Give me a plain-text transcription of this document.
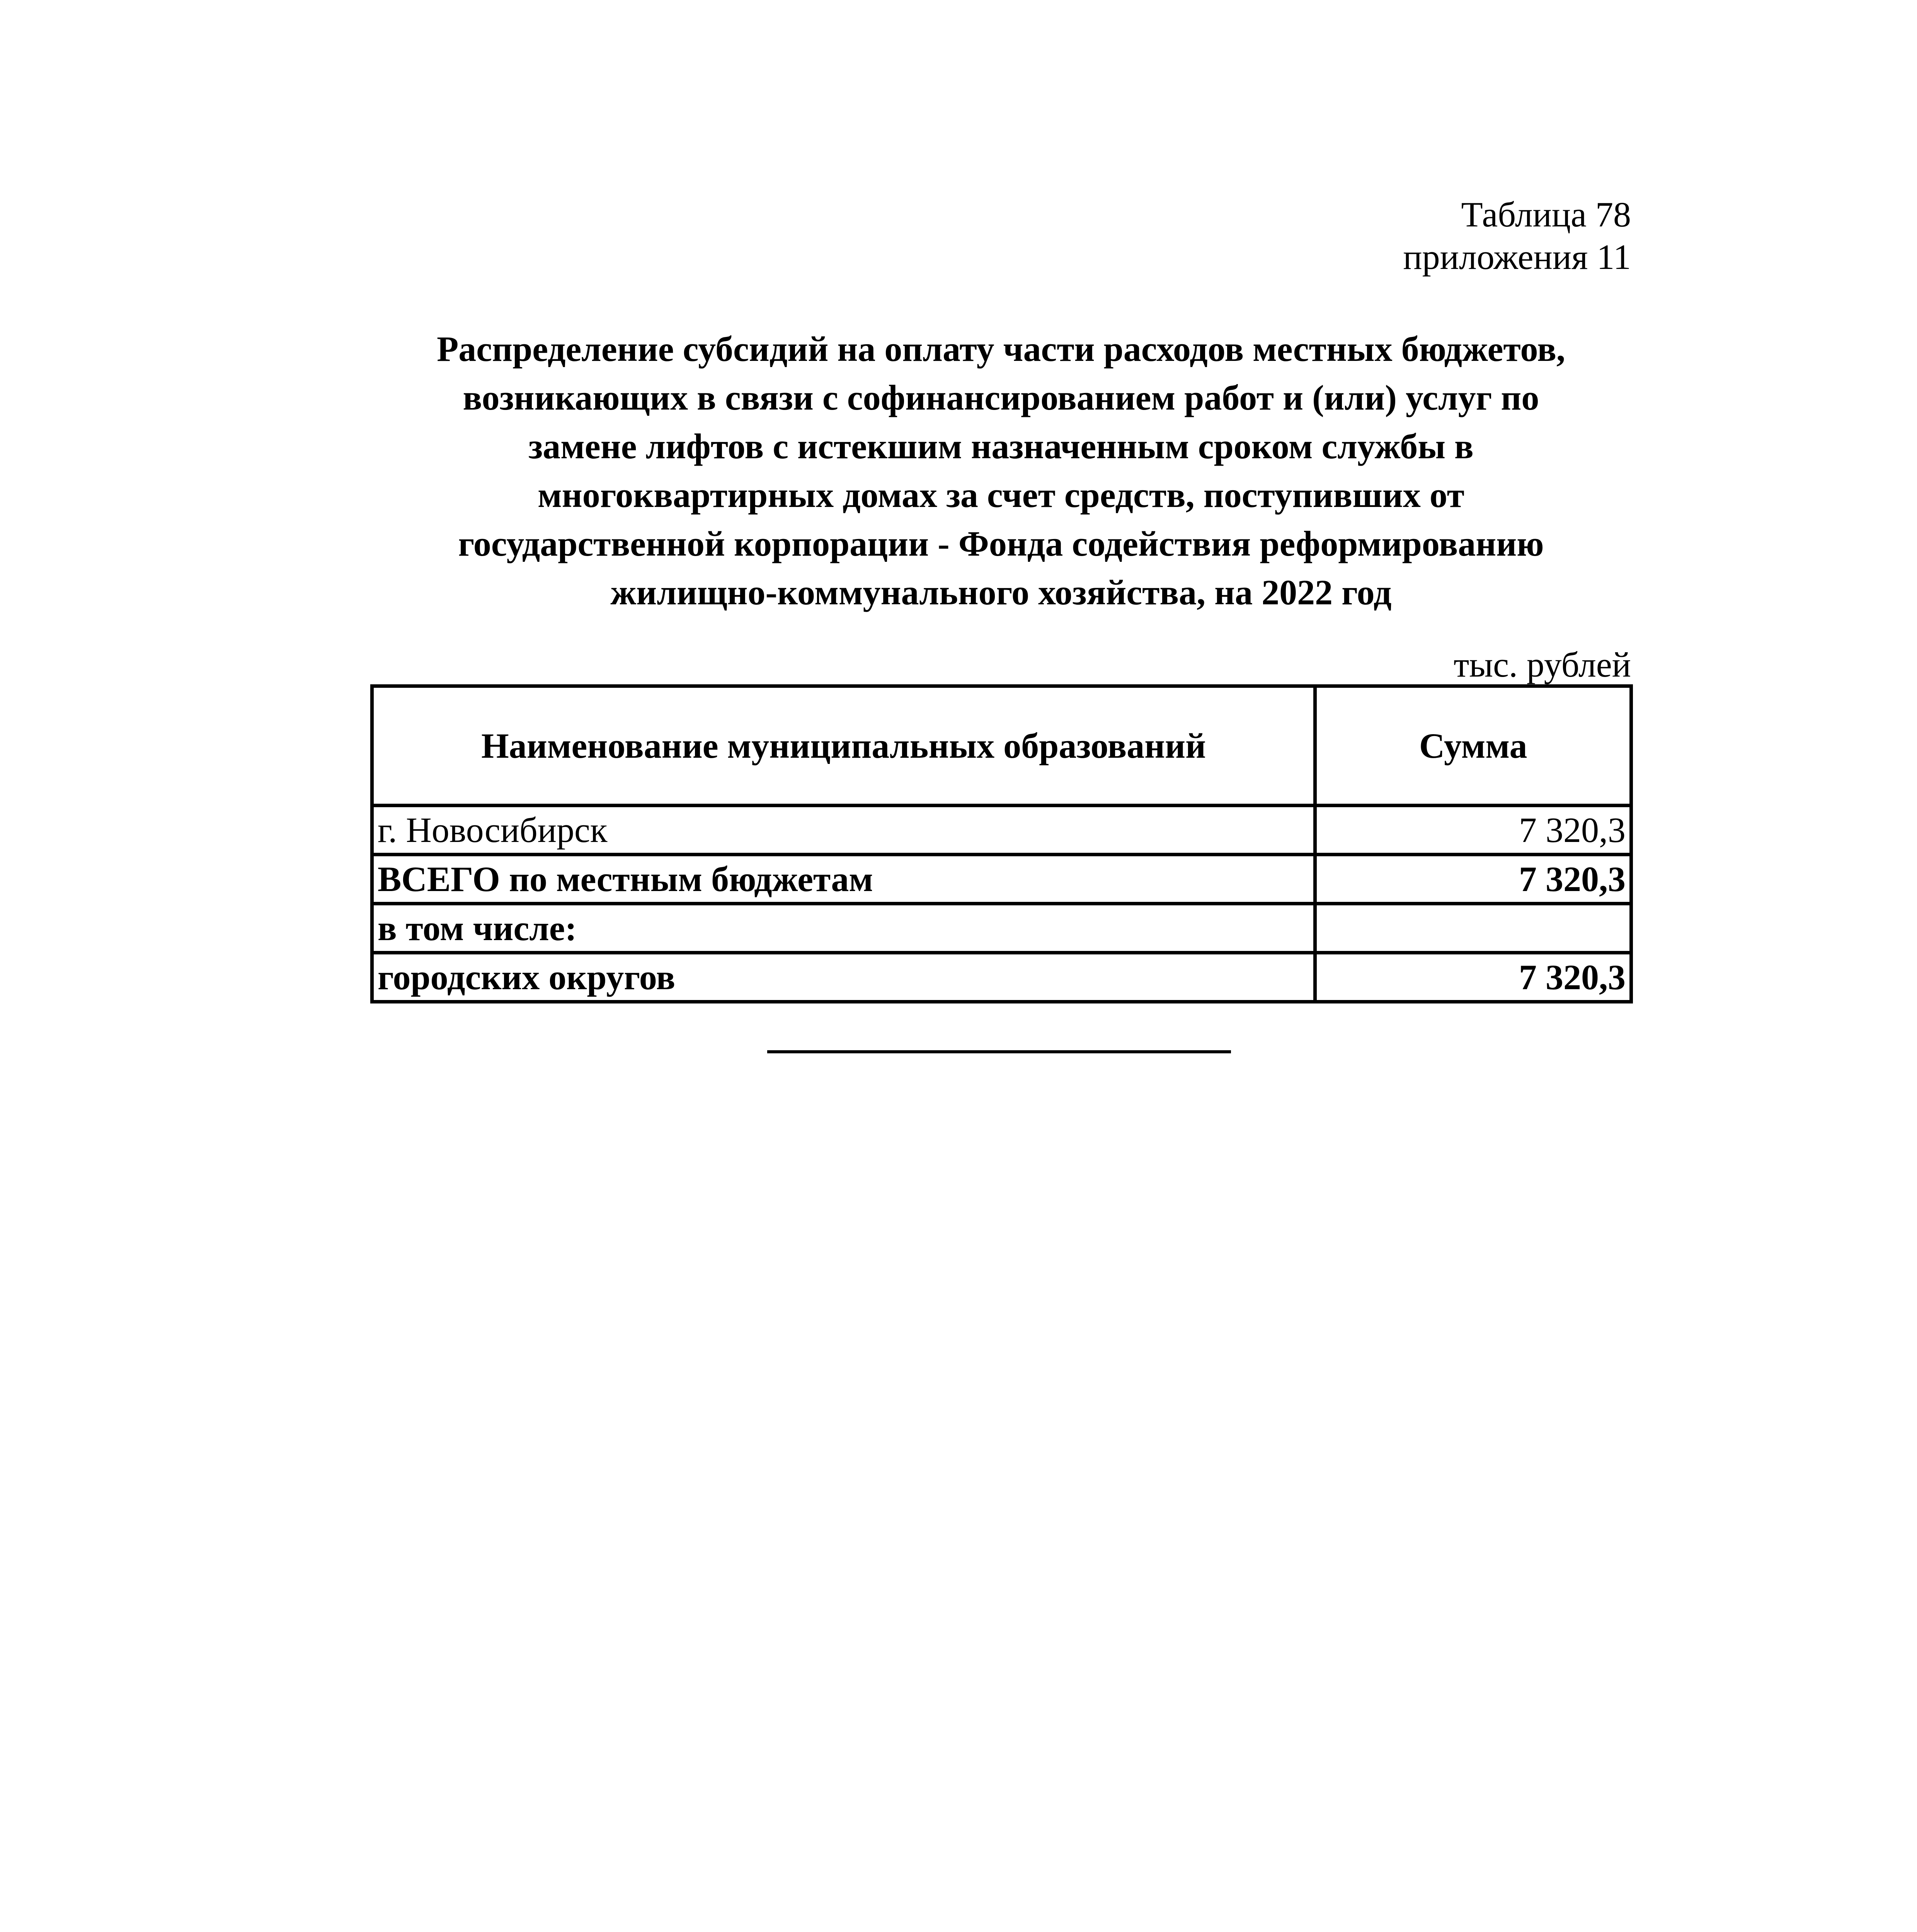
Таблица 78
приложения 11
Распределение субсидий на оплату части расходов местных бюджетов,
возникающих в связи с софинансированием работ и (или) услуг по
замене лифтов с истекшим назначенным сроком службы в
многоквартирных домах за счет средств, поступивших от
государственной корпорации - Фонда содействия реформированию
жилищно-коммунального хозяйства, на 2022 год
тыс. рублей
Наименование муниципальных образований	Сумма
г. Новосибирск	7 320,3
ВСЕГО по местным бюджетам	7 320,3
в том числе:	
городских округов	7 320,3
